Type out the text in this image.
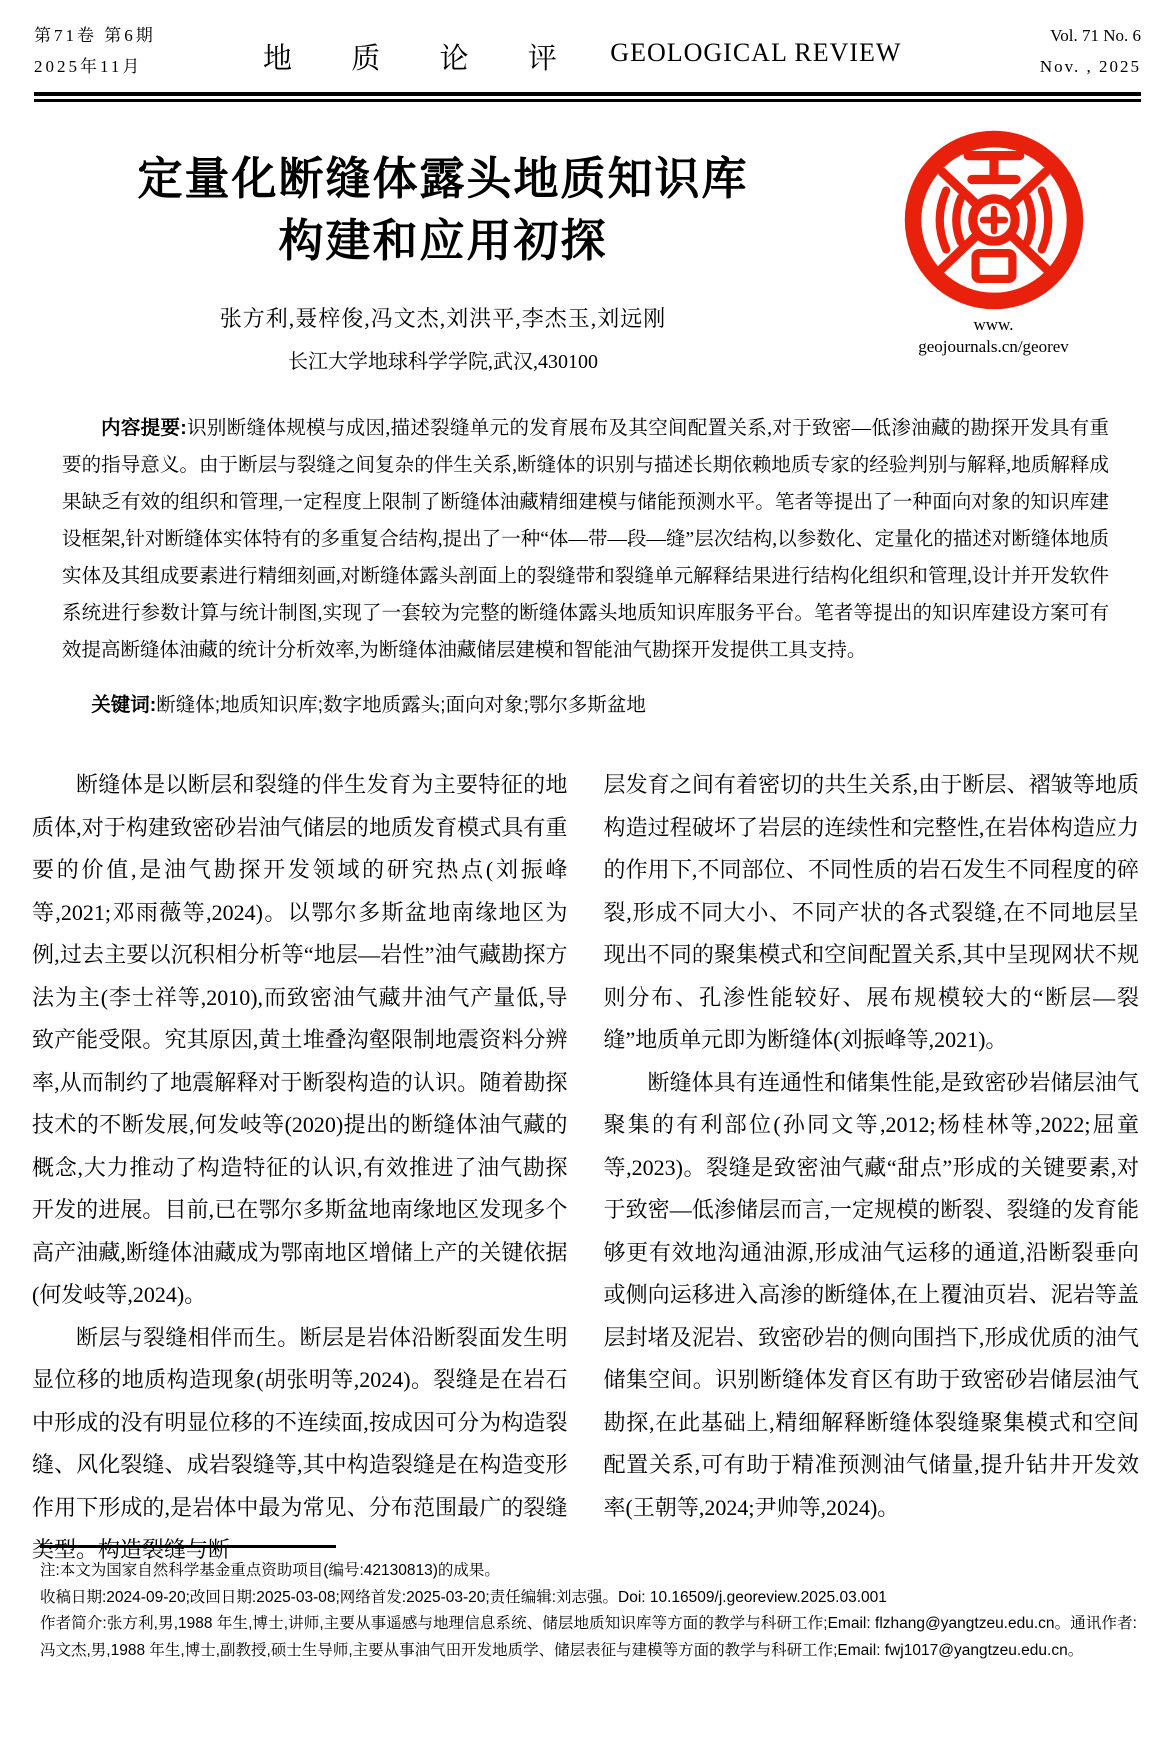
第71卷 第6期
2025年11月	地 质 论 评	GEOLOGICAL REVIEW
Vol. 71 No. 6
Nov. , 2025
定量化断缝体露头地质知识库
构建和应用初探
张方利,聂梓俊,冯文杰,刘洪平,李杰玉,刘远刚
长江大学地球科学学院,武汉,430100
www.
geojournals.cn/georev
内容提要:识别断缝体规模与成因,描述裂缝单元的发育展布及其空间配置关系,对于致密—低渗油藏的勘探开发具有重要的指导意义。由于断层与裂缝之间复杂的伴生关系,断缝体的识别与描述长期依赖地质专家的经验判别与解释,地质解释成果缺乏有效的组织和管理,一定程度上限制了断缝体油藏精细建模与储能预测水平。笔者等提出了一种面向对象的知识库建设框架,针对断缝体实体特有的多重复合结构,提出了一种“体—带—段—缝”层次结构,以参数化、定量化的描述对断缝体地质实体及其组成要素进行精细刻画,对断缝体露头剖面上的裂缝带和裂缝单元解释结果进行结构化组织和管理,设计并开发软件系统进行参数计算与统计制图,实现了一套较为完整的断缝体露头地质知识库服务平台。笔者等提出的知识库建设方案可有效提高断缝体油藏的统计分析效率,为断缝体油藏储层建模和智能油气勘探开发提供工具支持。
关键词:断缝体;地质知识库;数字地质露头;面向对象;鄂尔多斯盆地

断缝体是以断层和裂缝的伴生发育为主要特征的地质体,对于构建致密砂岩油气储层的地质发育模式具有重要的价值,是油气勘探开发领域的研究热点(刘振峰等,2021;邓雨薇等,2024)。以鄂尔多斯盆地南缘地区为例,过去主要以沉积相分析等“地层—岩性”油气藏勘探方法为主(李士祥等,2010),而致密油气藏井油气产量低,导致产能受限。究其原因,黄土堆叠沟壑限制地震资料分辨率,从而制约了地震解释对于断裂构造的认识。随着勘探技术的不断发展,何发岐等(2020)提出的断缝体油气藏的概念,大力推动了构造特征的认识,有效推进了油气勘探开发的进展。目前,已在鄂尔多斯盆地南缘地区发现多个高产油藏,断缝体油藏成为鄂南地区增储上产的关键依据(何发岐等,2024)。

断层与裂缝相伴而生。断层是岩体沿断裂面发生明显位移的地质构造现象(胡张明等,2024)。裂缝是在岩石中形成的没有明显位移的不连续面,按成因可分为构造裂缝、风化裂缝、成岩裂缝等,其中构造裂缝是在构造变形作用下形成的,是岩体中最为常见、分布范围最广的裂缝类型。构造裂缝与断

层发育之间有着密切的共生关系,由于断层、褶皱等地质构造过程破坏了岩层的连续性和完整性,在岩体构造应力的作用下,不同部位、不同性质的岩石发生不同程度的碎裂,形成不同大小、不同产状的各式裂缝,在不同地层呈现出不同的聚集模式和空间配置关系,其中呈现网状不规则分布、孔渗性能较好、展布规模较大的“断层—裂缝”地质单元即为断缝体(刘振峰等,2021)。

断缝体具有连通性和储集性能,是致密砂岩储层油气聚集的有利部位(孙同文等,2012;杨桂林等,2022;屈童等,2023)。裂缝是致密油气藏“甜点”形成的关键要素,对于致密—低渗储层而言,一定规模的断裂、裂缝的发育能够更有效地沟通油源,形成油气运移的通道,沿断裂垂向或侧向运移进入高渗的断缝体,在上覆油页岩、泥岩等盖层封堵及泥岩、致密砂岩的侧向围挡下,形成优质的油气储集空间。识别断缝体发育区有助于致密砂岩储层油气勘探,在此基础上,精细解释断缝体裂缝聚集模式和空间配置关系,可有助于精准预测油气储量,提升钻井开发效率(王朝等,2024;尹帅等,2024)。

注:本文为国家自然科学基金重点资助项目(编号:42130813)的成果。

收稿日期:2024-09-20;改回日期:2025-03-08;网络首发:2025-03-20;责任编辑:刘志强。Doi: 10.16509/j.georeview.2025.03.001

作者简介:张方利,男,1988 年生,博士,讲师,主要从事遥感与地理信息系统、储层地质知识库等方面的教学与科研工作;Email: flzhang@yangtzeu.edu.cn。通讯作者:冯文杰,男,1988 年生,博士,副教授,硕士生导师,主要从事油气田开发地质学、储层表征与建模等方面的教学与科研工作;Email: fwj1017@yangtzeu.edu.cn。
